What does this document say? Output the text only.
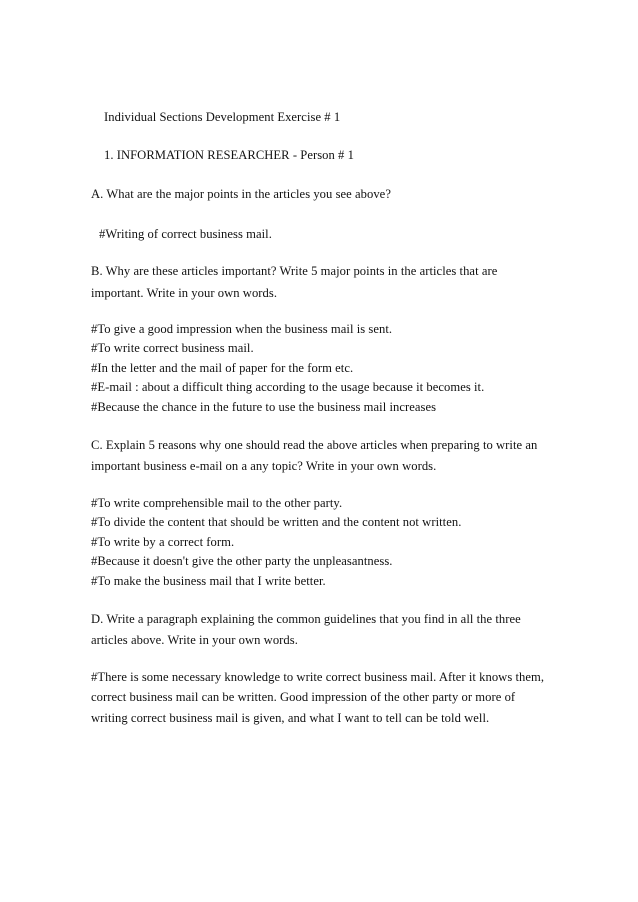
Individual Sections Development Exercise # 1
1. INFORMATION RESEARCHER - Person # 1
A. What are the major points in the articles you see above?
#Writing of correct business mail.
B. Why are these articles important? Write 5 major points in the articles that are
important. Write in your own words.
#To give a good impression when the business mail is sent.
#To write correct business mail.
#In the letter and the mail of paper for the form etc.
#E-mail : about a difficult thing according to the usage because it becomes it.
#Because the chance in the future to use the business mail increases
C. Explain 5 reasons why one should read the above articles when preparing to write an
important business e-mail on a any topic? Write in your own words.
#To write comprehensible mail to the other party.
#To divide the content that should be written and the content not written.
#To write by a correct form.
#Because it doesn't give the other party the unpleasantness.
#To make the business mail that I write better.
D. Write a paragraph explaining the common guidelines that you find in all the three
articles above. Write in your own words.
#There is some necessary knowledge to write correct business mail. After it knows them,
correct business mail can be written. Good impression of the other party or more of
writing correct business mail is given, and what I want to tell can be told well.
